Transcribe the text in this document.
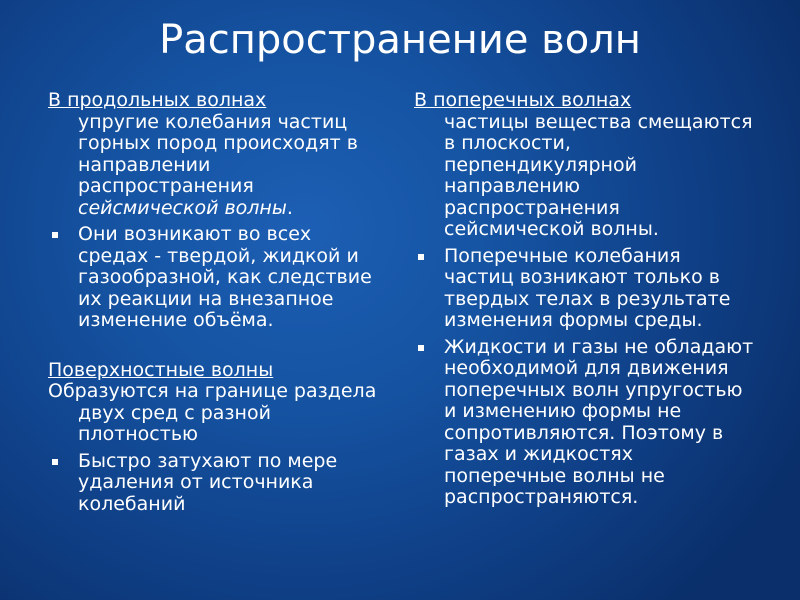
Распространение волн
В продольных волнах
упругие колебания частиц горных пород происходят в направлении распространения сейсмической волны.
Они возникают во всех средах - твердой, жидкой и газообразной, как следствие их реакции на внезапное изменение объёма.
Поверхностные волны
Образуются на границе раздела двух сред с разной плотностью
Быстро затухают по мере удаления от источника колебаний
В поперечных волнах
частицы вещества смещаются в плоскости, перпендикулярной направлению распространения сейсмической волны.
Поперечные колебания частиц возникают только в твердых телах в результате изменения формы среды.
Жидкости и газы не обладают необходимой для движения поперечных волн упругостью и изменению формы не сопротивляются. Поэтому в газах и жидкостях поперечные волны не распространяются.
